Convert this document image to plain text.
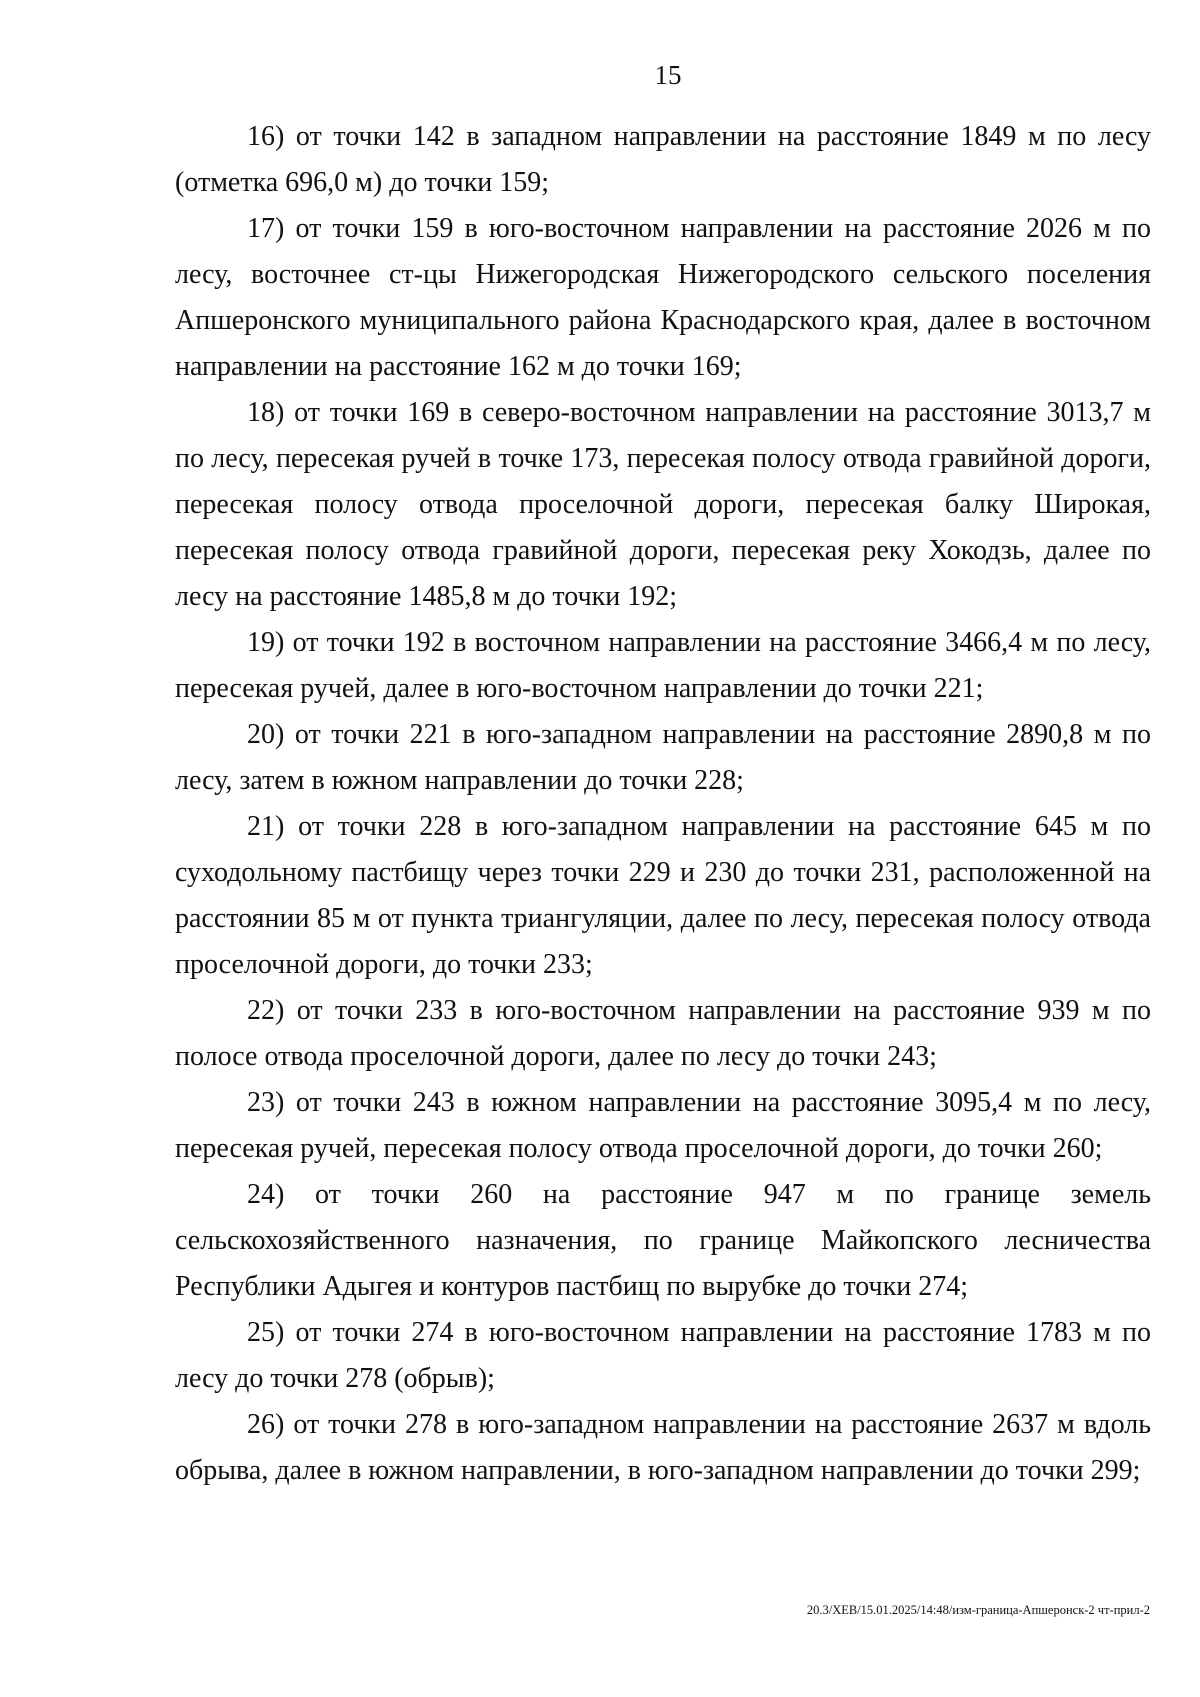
15

16) от точки 142 в западном направлении на расстояние 1849 м по лесу (отметка 696,0 м) до точки 159;

17) от точки 159 в юго-восточном направлении на расстояние 2026 м по лесу, восточнее ст-цы Нижегородская Нижегородского сельского поселения Апшеронского муниципального района Краснодарского края, далее в восточном направлении на расстояние 162 м до точки 169;

18) от точки 169 в северо-восточном направлении на расстояние 3013,7 м по лесу, пересекая ручей в точке 173, пересекая полосу отвода гравийной дороги, пересекая полосу отвода проселочной дороги, пересекая балку Широкая, пересекая полосу отвода гравийной дороги, пересекая реку Хокодзь, далее по лесу на расстояние 1485,8 м до точки 192;

19) от точки 192 в восточном направлении на расстояние 3466,4 м по лесу, пересекая ручей, далее в юго-восточном направлении до точки 221;

20) от точки 221 в юго-западном направлении на расстояние 2890,8 м по лесу, затем в южном направлении до точки 228;

21) от точки 228 в юго-западном направлении на расстояние 645 м по суходольному пастбищу через точки 229 и 230 до точки 231, расположенной на расстоянии 85 м от пункта триангуляции, далее по лесу, пересекая полосу отвода проселочной дороги, до точки 233;

22) от точки 233 в юго-восточном направлении на расстояние 939 м по полосе отвода проселочной дороги, далее по лесу до точки 243;

23) от точки 243 в южном направлении на расстояние 3095,4 м по лесу, пересекая ручей, пересекая полосу отвода проселочной дороги, до точки 260;

24) от точки 260 на расстояние 947 м по границе земель сельскохозяйственного назначения, по границе Майкопского лесничества Республики Адыгея и контуров пастбищ по вырубке до точки 274;

25) от точки 274 в юго-восточном направлении на расстояние 1783 м по лесу до точки 278 (обрыв);

26) от точки 278 в юго-западном направлении на расстояние 2637 м вдоль обрыва, далее в южном направлении, в юго-западном направлении до точки 299;

20.3/ХЕВ/15.01.2025/14:48/изм-граница-Апшеронск-2 чт-прил-2
